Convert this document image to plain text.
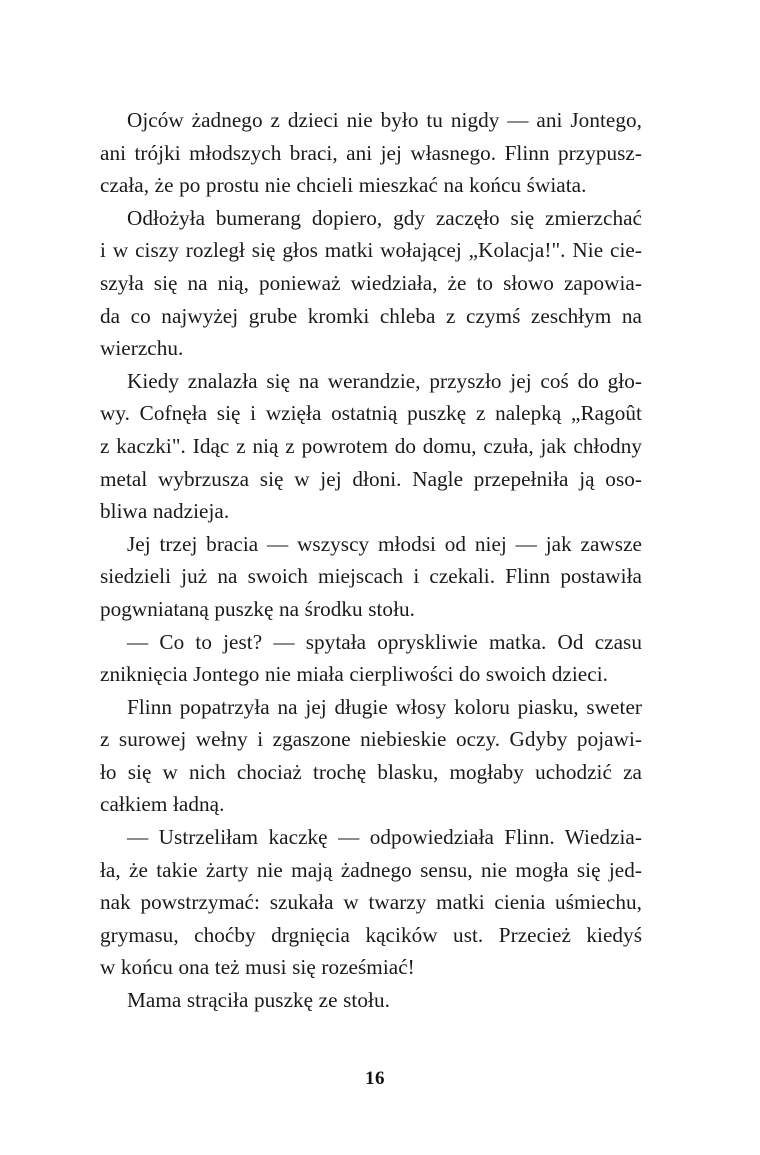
Ojców żadnego z dzieci nie było tu nigdy — ani Jontego,
ani trójki młodszych braci, ani jej własnego. Flinn przypusz-
czała, że po prostu nie chcieli mieszkać na końcu świata.

Odłożyła bumerang dopiero, gdy zaczęło się zmierzchać
i w ciszy rozległ się głos matki wołającej „Kolacja!". Nie cie-
szyła się na nią, ponieważ wiedziała, że to słowo zapowia-
da co najwyżej grube kromki chleba z czymś zeschłym na
wierzchu.

Kiedy znalazła się na werandzie, przyszło jej coś do gło-
wy. Cofnęła się i wzięła ostatnią puszkę z nalepką „Ragoût
z kaczki". Idąc z nią z powrotem do domu, czuła, jak chłodny
metal wybrzusza się w jej dłoni. Nagle przepełniła ją oso-
bliwa nadzieja.

Jej trzej bracia — wszyscy młodsi od niej — jak zawsze
siedzieli już na swoich miejscach i czekali. Flinn postawiła
pogwniataną puszkę na środku stołu.

— Co to jest? — spytała opryskliwie matka. Od czasu
zniknięcia Jontego nie miała cierpliwości do swoich dzieci.

Flinn popatrzyła na jej długie włosy koloru piasku, sweter
z surowej wełny i zgaszone niebieskie oczy. Gdyby pojawi-
ło się w nich chociaż trochę blasku, mogłaby uchodzić za
całkiem ładną.

— Ustrzeliłam kaczkę — odpowiedziała Flinn. Wiedzia-
ła, że takie żarty nie mają żadnego sensu, nie mogła się jed-
nak powstrzymać: szukała w twarzy matki cienia uśmiechu,
grymasu, choćby drgnięcia kącików ust. Przecież kiedyś
w końcu ona też musi się roześmiać!

Mama strąciła puszkę ze stołu.

16
